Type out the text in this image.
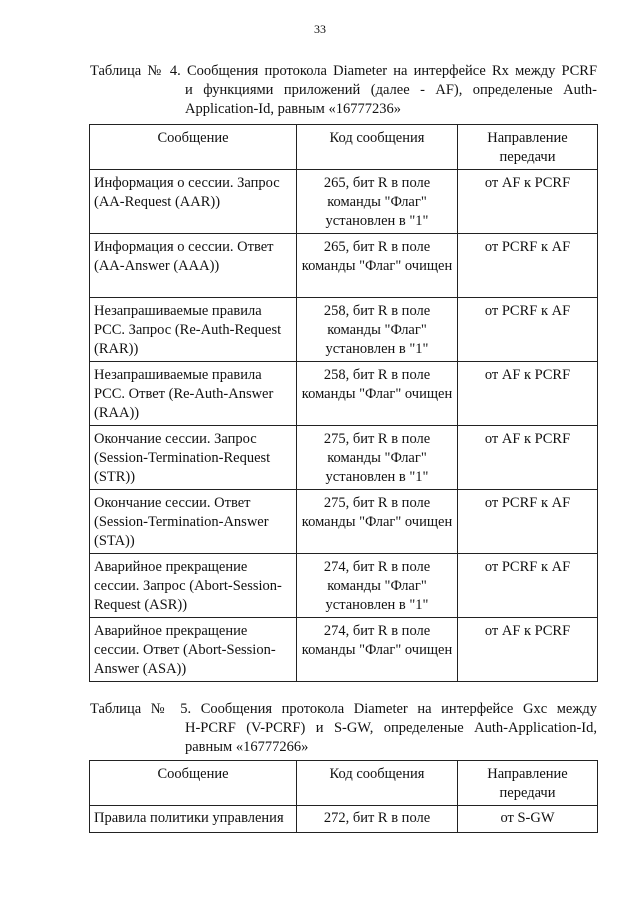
33
Таблица № 4. Сообщения протокола Diameter на интерфейсе Rx между PCRF
и функциями приложений (далее - AF), определеные Auth-
Application-Id, равным «16777236»
Сообщение	Код сообщения	Направление передачи
Информация о сессии. Запрос (AA-Request (AAR))	265, бит R в поле команды "Флаг" установлен в "1"	от AF к PCRF
Информация о сессии. Ответ (AA-Answer (AAA))	265, бит R в поле команды "Флаг" очищен	от PCRF к AF
Незапрашиваемые правила PCC. Запрос (Re-Auth-Request (RAR))	258, бит R в поле команды "Флаг" установлен в "1"	от PCRF к AF
Незапрашиваемые правила PCC. Ответ (Re-Auth-Answer (RAA))	258, бит R в поле команды "Флаг" очищен	от AF к PCRF
Окончание сессии. Запрос (Session-Termination-Request (STR))	275, бит R в поле команды "Флаг" установлен в "1"	от AF к PCRF
Окончание сессии. Ответ (Session-Termination-Answer (STA))	275, бит R в поле команды "Флаг" очищен	от PCRF к AF
Аварийное прекращение сессии. Запрос (Abort-Session-Request (ASR))	274, бит R в поле команды "Флаг" установлен в "1"	от PCRF к AF
Аварийное прекращение сессии. Ответ (Abort-Session-Answer (ASA))	274, бит R в поле команды "Флаг" очищен	от AF к PCRF
Таблица № 5. Сообщения протокола Diameter на интерфейсе Gxc между
H-PCRF (V-PCRF) и S-GW, определеные Auth-Application-Id,
равным «16777266»
Сообщение	Код сообщения	Направление передачи
Правила политики управления	272, бит R в поле	от S-GW
